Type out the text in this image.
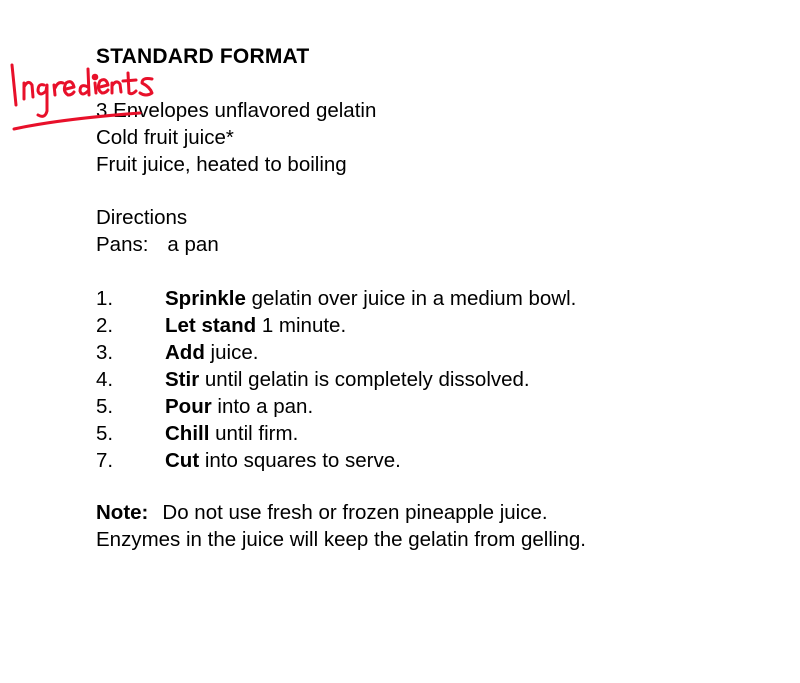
STANDARD FORMAT
3 Envelopes unflavored gelatin
Cold fruit juice*
Fruit juice, heated to boiling
Directions
Pans: a pan
1.	Sprinkle gelatin over juice in a medium bowl.
2.	Let stand 1 minute.
3.	Add juice.
4.	Stir until gelatin is completely dissolved.
5.	Pour into a pan.
5.	Chill until firm.
7.	Cut into squares to serve.
Note: Do not use fresh or frozen pineapple juice.
Enzymes in the juice will keep the gelatin from gelling.
